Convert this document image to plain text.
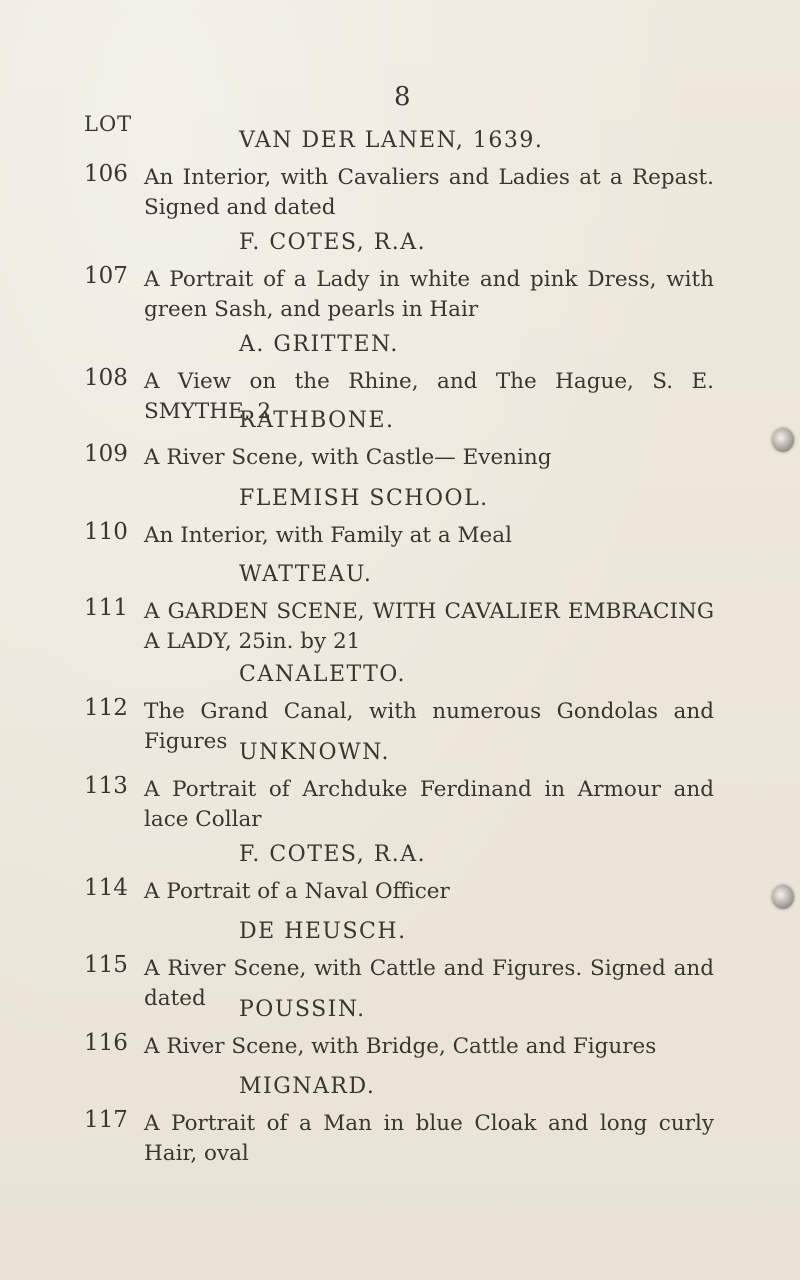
8

LOT

106
VAN DER LANEN, 1639.
An Interior, with Cavaliers and Ladies at a Repast. Signed and dated
107
F. COTES, R.A.
A Portrait of a Lady in white and pink Dress, with green Sash, and pearls in Hair
108
A. GRITTEN.
A View on the Rhine, and The Hague, S. E. SMYTHE, 2
109
RATHBONE.
A River Scene, with Castle— Evening
110
FLEMISH SCHOOL.
An Interior, with Family at a Meal
111
WATTEAU.
A GARDEN SCENE, WITH CAVALIER EMBRACING A LADY, 25in. by 21
112
CANALETTO.
The Grand Canal, with numerous Gondolas and Figures
113
UNKNOWN.
A Portrait of Archduke Ferdinand in Armour and lace Collar
114
F. COTES, R.A.
A Portrait of a Naval Officer
115
DE HEUSCH.
A River Scene, with Cattle and Figures. Signed and dated
116
POUSSIN.
A River Scene, with Bridge, Cattle and Figures
117
MIGNARD.
A Portrait of a Man in blue Cloak and long curly Hair, oval
